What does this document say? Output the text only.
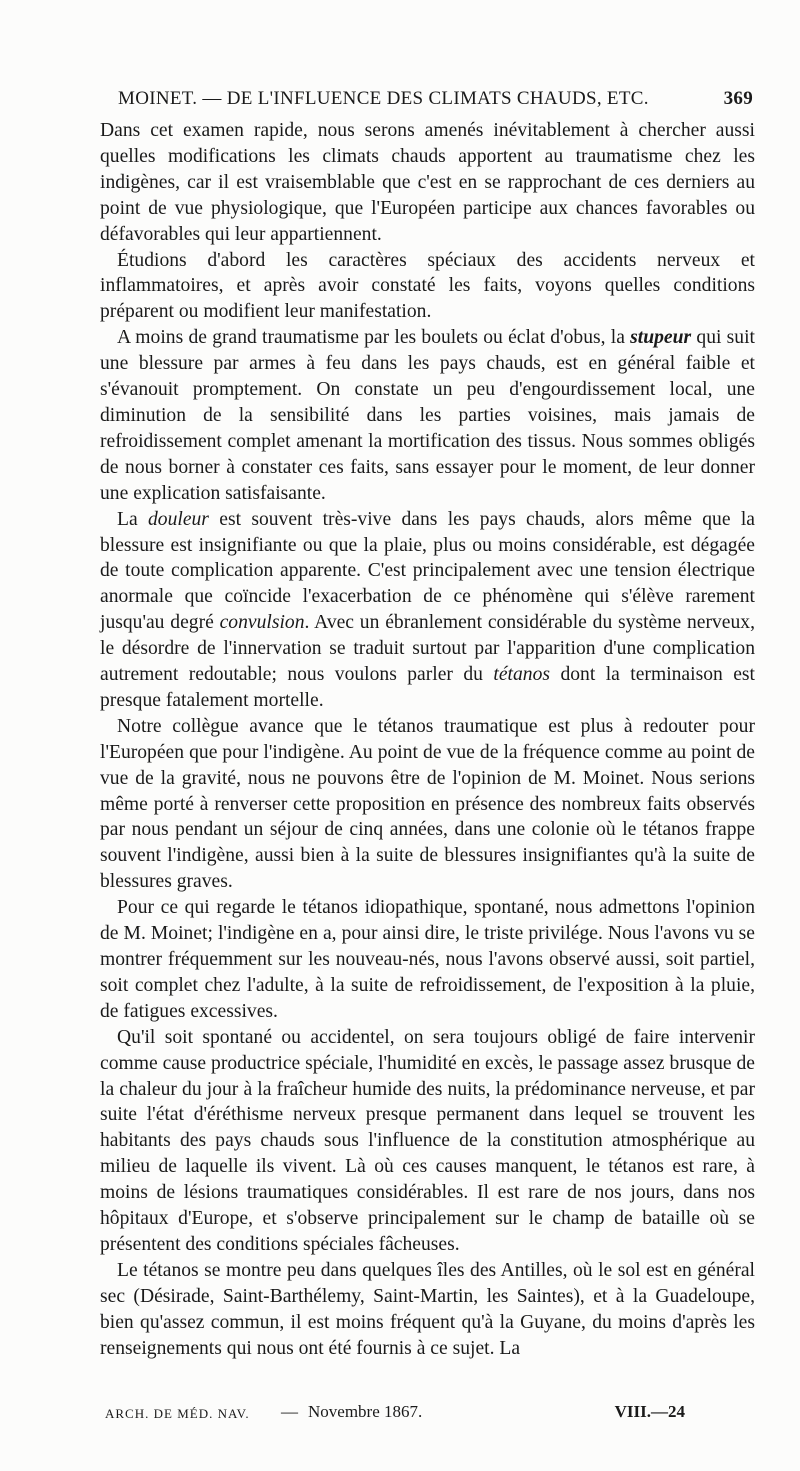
MOINET. — DE L'INFLUENCE DES CLIMATS CHAUDS, ETC.	369

Dans cet examen rapide, nous serons amenés inévitablement à chercher aussi quelles modifications les climats chauds apportent au traumatisme chez les indigènes, car il est vraisemblable que c'est en se rapprochant de ces derniers au point de vue physiologique, que l'Européen participe aux chances favorables ou défavorables qui leur appartiennent.

Étudions d'abord les caractères spéciaux des accidents nerveux et inflammatoires, et après avoir constaté les faits, voyons quelles conditions préparent ou modifient leur manifestation.

A moins de grand traumatisme par les boulets ou éclat d'obus, la stupeur qui suit une blessure par armes à feu dans les pays chauds, est en général faible et s'évanouit promptement. On constate un peu d'engourdissement local, une diminution de la sensibilité dans les parties voisines, mais jamais de refroidissement complet amenant la mortification des tissus. Nous sommes obligés de nous borner à constater ces faits, sans essayer pour le moment, de leur donner une explication satisfaisante.

La douleur est souvent très-vive dans les pays chauds, alors même que la blessure est insignifiante ou que la plaie, plus ou moins considérable, est dégagée de toute complication apparente. C'est principalement avec une tension électrique anormale que coïncide l'exacerbation de ce phénomène qui s'élève rarement jusqu'au degré convulsion. Avec un ébranlement considérable du système nerveux, le désordre de l'innervation se traduit surtout par l'apparition d'une complication autrement redoutable; nous voulons parler du tétanos dont la terminaison est presque fatalement mortelle.

Notre collègue avance que le tétanos traumatique est plus à redouter pour l'Européen que pour l'indigène. Au point de vue de la fréquence comme au point de vue de la gravité, nous ne pouvons être de l'opinion de M. Moinet. Nous serions même porté à renverser cette proposition en présence des nombreux faits observés par nous pendant un séjour de cinq années, dans une colonie où le tétanos frappe souvent l'indigène, aussi bien à la suite de blessures insignifiantes qu'à la suite de blessures graves.

Pour ce qui regarde le tétanos idiopathique, spontané, nous admettons l'opinion de M. Moinet; l'indigène en a, pour ainsi dire, le triste privilége. Nous l'avons vu se montrer fréquemment sur les nouveau-nés, nous l'avons observé aussi, soit partiel, soit complet chez l'adulte, à la suite de refroidissement, de l'exposition à la pluie, de fatigues excessives.

Qu'il soit spontané ou accidentel, on sera toujours obligé de faire intervenir comme cause productrice spéciale, l'humidité en excès, le passage assez brusque de la chaleur du jour à la fraîcheur humide des nuits, la prédominance nerveuse, et par suite l'état d'éréthisme nerveux presque permanent dans lequel se trouvent les habitants des pays chauds sous l'influence de la constitution atmosphérique au milieu de laquelle ils vivent. Là où ces causes manquent, le tétanos est rare, à moins de lésions traumatiques considérables. Il est rare de nos jours, dans nos hôpitaux d'Europe, et s'observe principalement sur le champ de bataille où se présentent des conditions spéciales fâcheuses.

Le tétanos se montre peu dans quelques îles des Antilles, où le sol est en général sec (Désirade, Saint-Barthélemy, Saint-Martin, les Saintes), et à la Guadeloupe, bien qu'assez commun, il est moins fréquent qu'à la Guyane, du moins d'après les renseignements qui nous ont été fournis à ce sujet. La

ARCH. DE MÉD. NAV. — Novembre 1867.	VIII.—24
